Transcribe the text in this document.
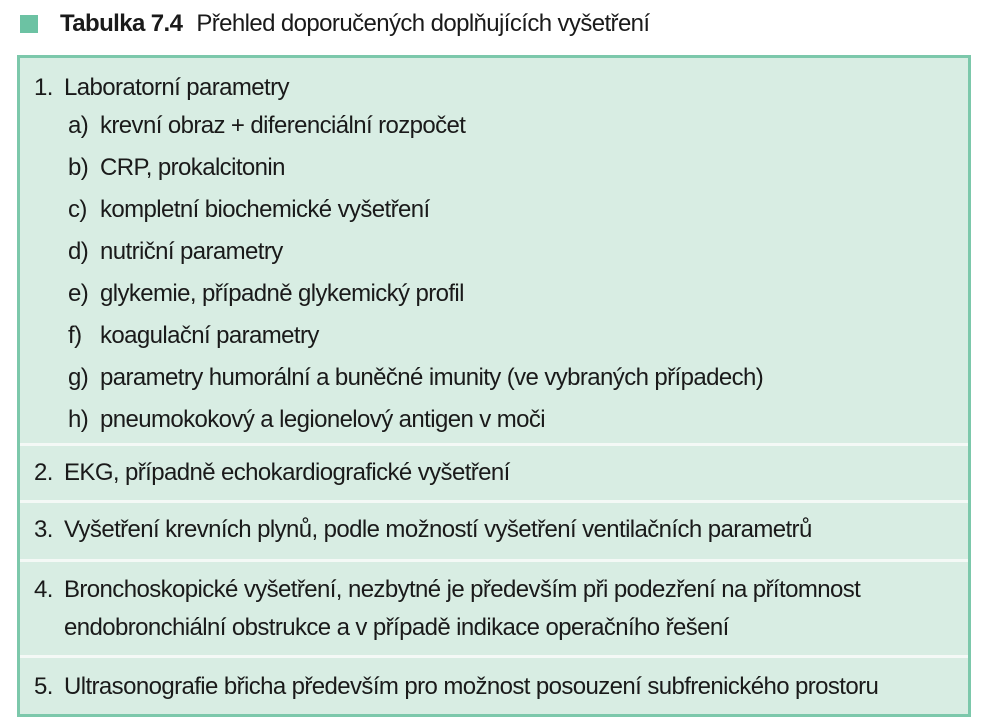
Tabulka 7.4 Přehled doporučených doplňujících vyšetření
1. Laboratorní parametry
a) krevní obraz + diferenciální rozpočet
b) CRP, prokalcitonin
c) kompletní biochemické vyšetření
d) nutriční parametry
e) glykemie, případně glykemický profil
f) koagulační parametry
g) parametry humorální a buněčné imunity (ve vybraných případech)
h) pneumokokový a legionelový antigen v moči
2. EKG, případně echokardiografické vyšetření
3. Vyšetření krevních plynů, podle možností vyšetření ventilačních parametrů
4. Bronchoskopické vyšetření, nezbytné je především při podezření na přítomnost
endobronchiální obstrukce a v případě indikace operačního řešení
5. Ultrasonografie břicha především pro možnost posouzení subfrenického prostoru
